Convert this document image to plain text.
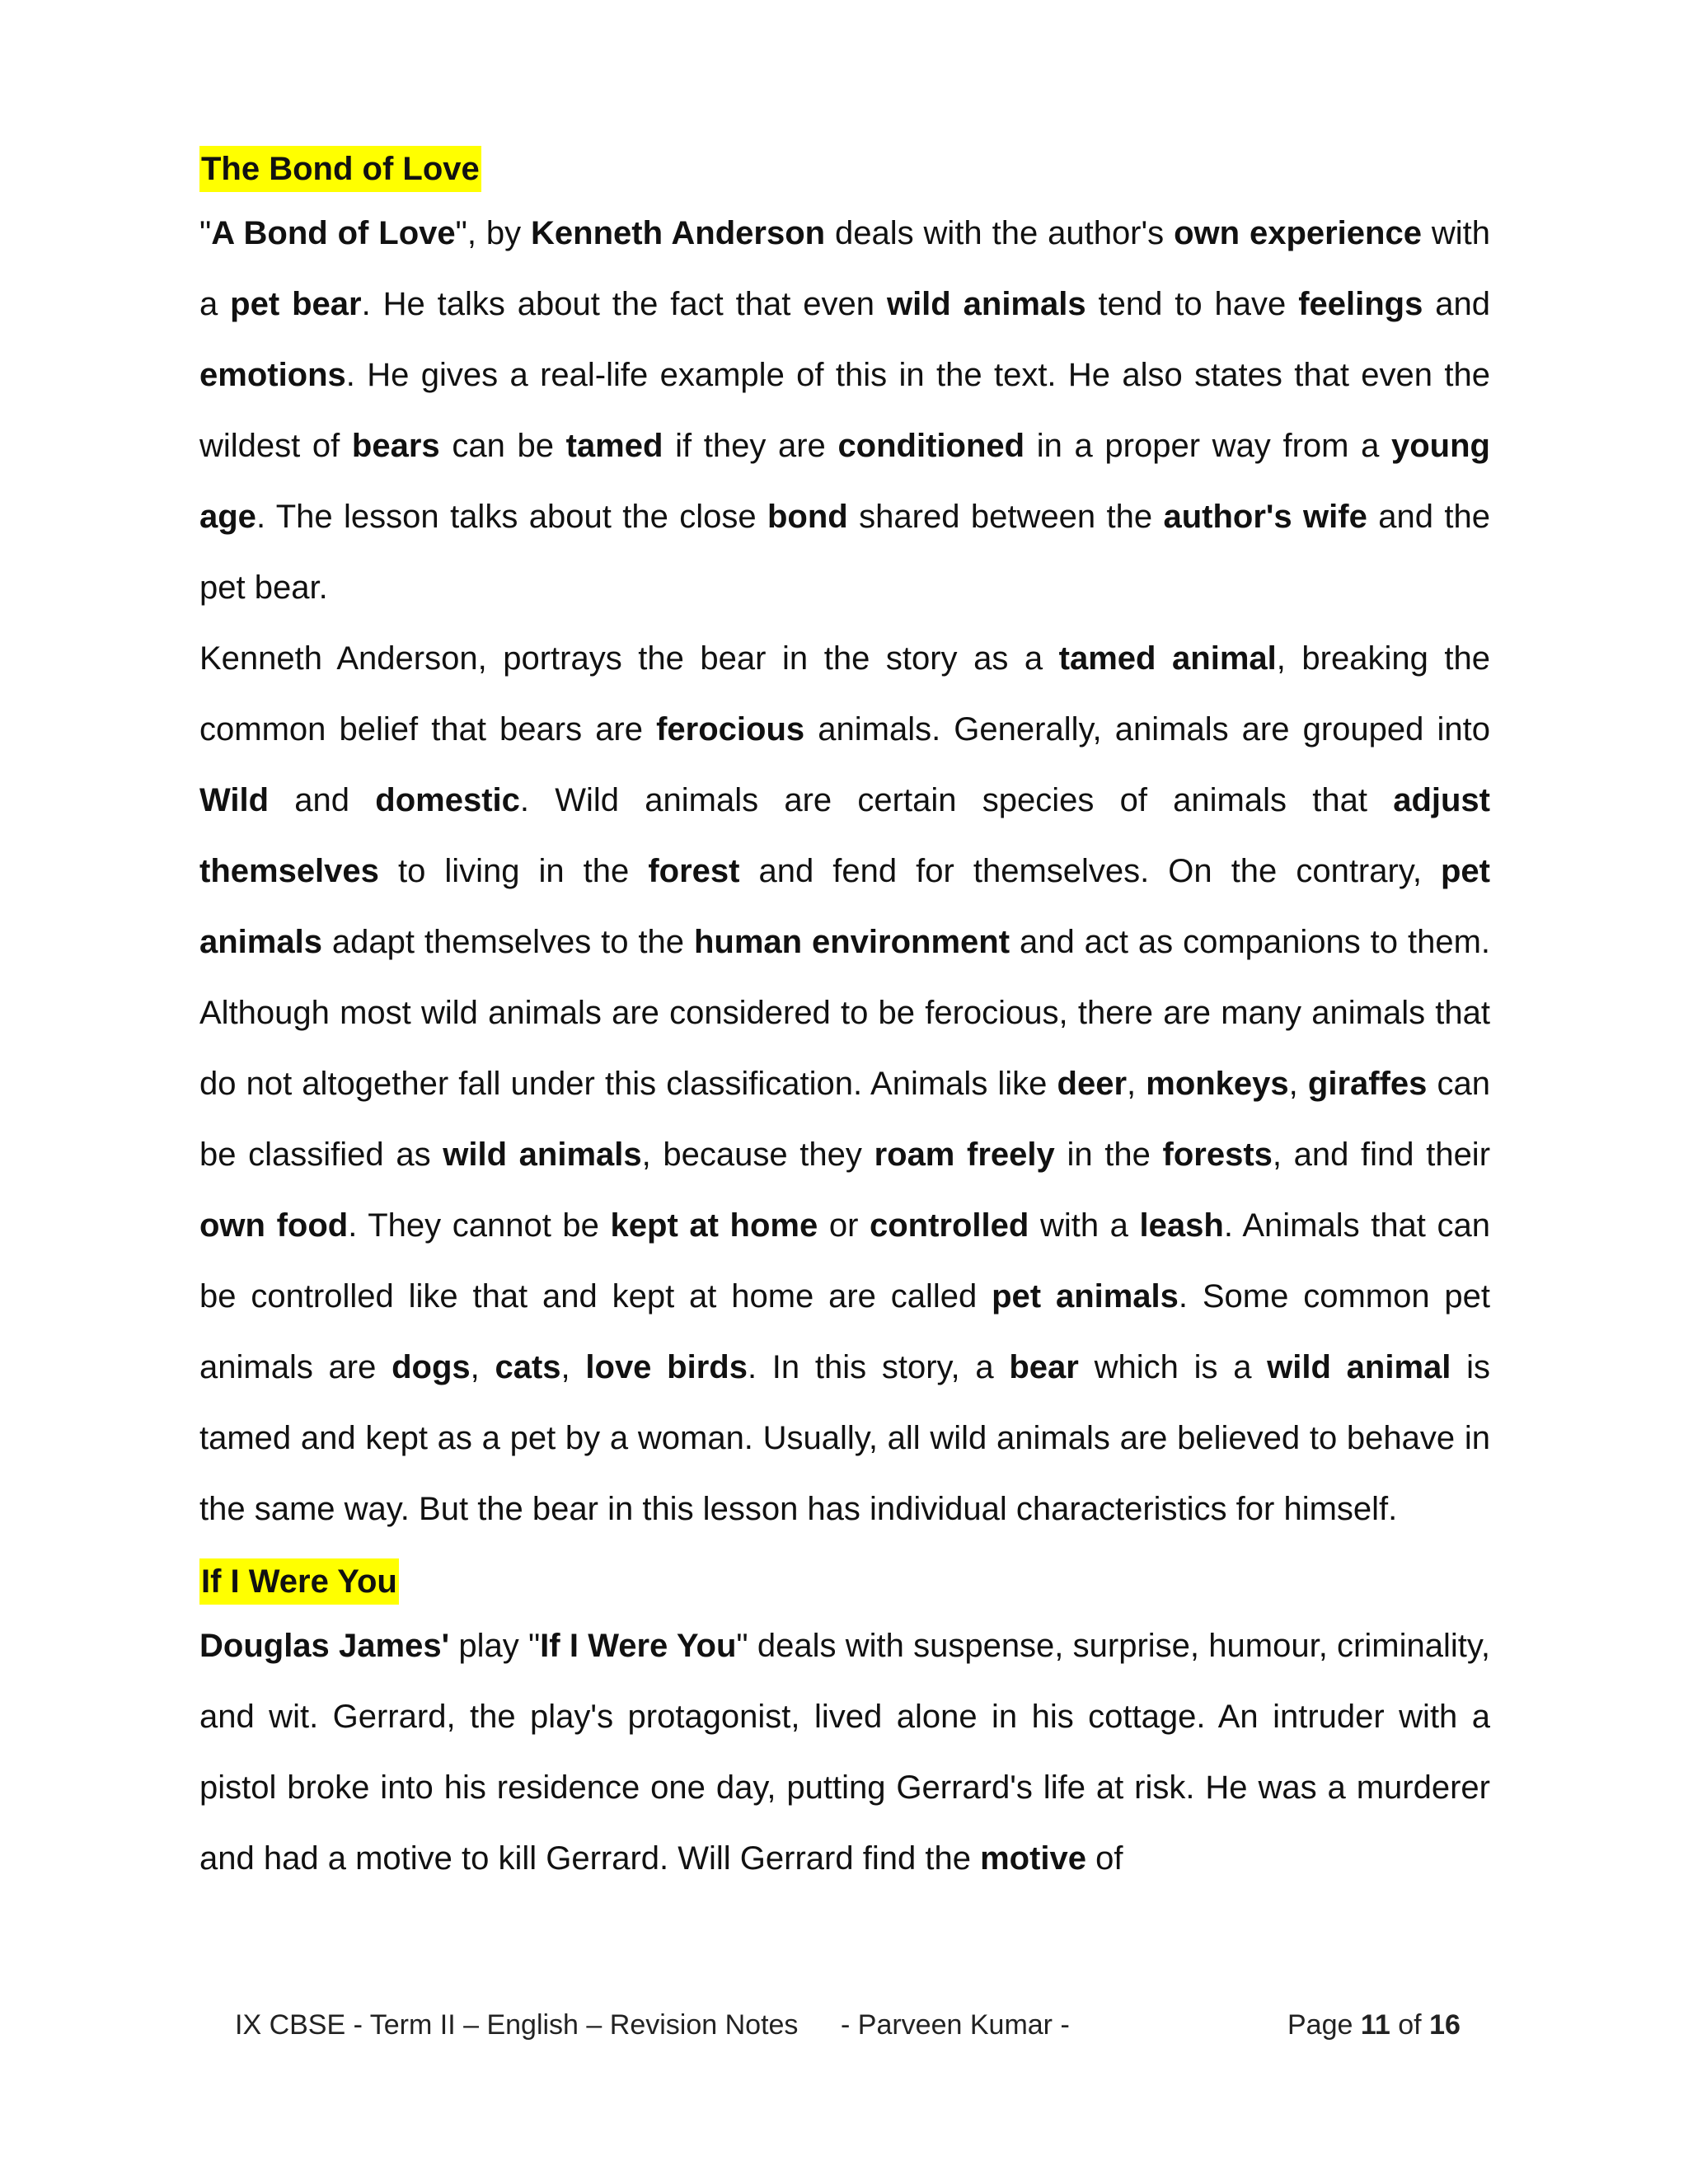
The Bond of Love

"A Bond of Love", by Kenneth Anderson deals with the author's own experience with a pet bear. He talks about the fact that even wild animals tend to have feelings and emotions. He gives a real-life example of this in the text. He also states that even the wildest of bears can be tamed if they are conditioned in a proper way from a young age. The lesson talks about the close bond shared between the author's wife and the pet bear.

Kenneth Anderson, portrays the bear in the story as a tamed animal, breaking the common belief that bears are ferocious animals. Generally, animals are grouped into Wild and domestic. Wild animals are certain species of animals that adjust themselves to living in the forest and fend for themselves. On the contrary, pet animals adapt themselves to the human environment and act as companions to them. Although most wild animals are considered to be ferocious, there are many animals that do not altogether fall under this classification. Animals like deer, monkeys, giraffes can be classified as wild animals, because they roam freely in the forests, and find their own food. They cannot be kept at home or controlled with a leash. Animals that can be controlled like that and kept at home are called pet animals. Some common pet animals are dogs, cats, love birds. In this story, a bear which is a wild animal is tamed and kept as a pet by a woman. Usually, all wild animals are believed to behave in the same way. But the bear in this lesson has individual characteristics for himself.

If I Were You

Douglas James' play "If I Were You" deals with suspense, surprise, humour, criminality, and wit. Gerrard, the play's protagonist, lived alone in his cottage. An intruder with a pistol broke into his residence one day, putting Gerrard's life at risk. He was a murderer and had a motive to kill Gerrard. Will Gerrard find the motive of

IX CBSE - Term II – English – Revision Notes - Parveen Kumar -	Page 11 of 16
